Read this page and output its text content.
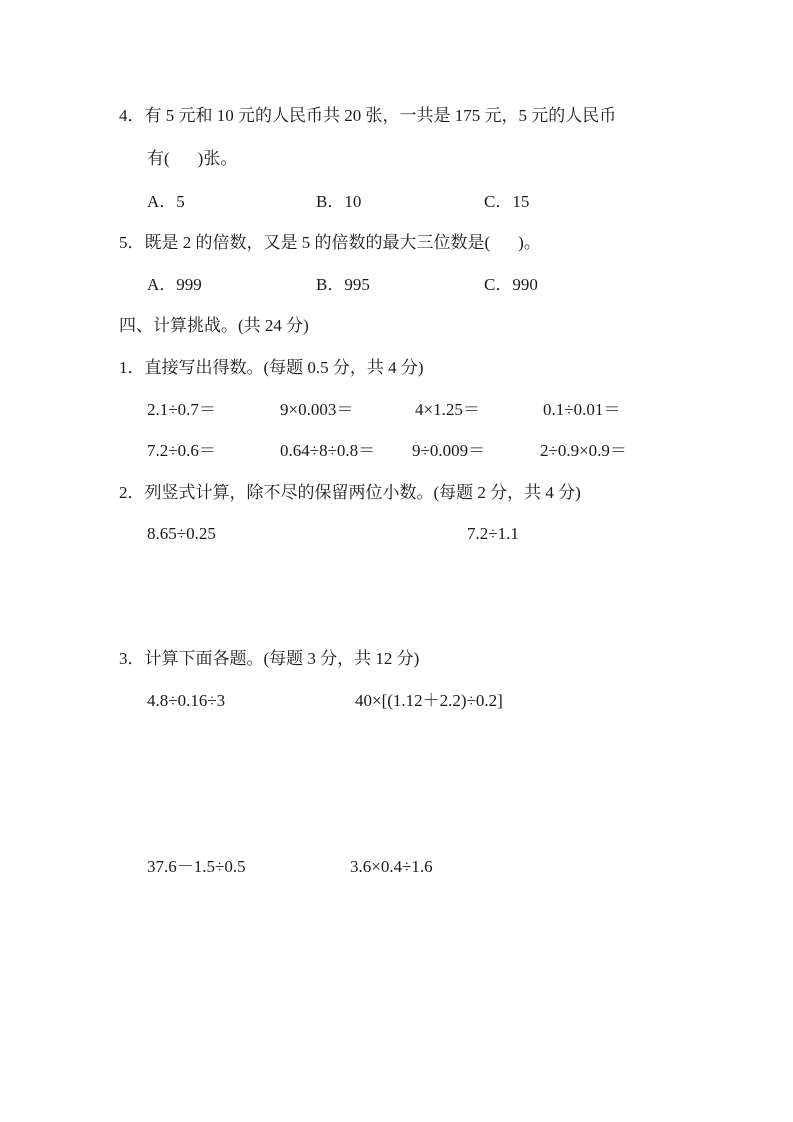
4．有 5 元和 10 元的人民币共 20 张，一共是 175 元，5 元的人民币
有( )张。
A．5	B．10	C．15
5．既是 2 的倍数，又是 5 的倍数的最大三位数是( )。
A．999	B．995	C．990
四、计算挑战。(共 24 分)
1．直接写出得数。(每题 0.5 分，共 4 分)
2.1÷0.7＝	9×0.003＝	4×1.25＝	0.1÷0.01＝
7.2÷0.6＝	0.64÷8÷0.8＝ 9÷0.009＝	2÷0.9×0.9＝
2．列竖式计算，除不尽的保留两位小数。(每题 2 分，共 4 分)
8.65÷0.25	7.2÷1.1
3．计算下面各题。(每题 3 分，共 12 分)
4.8÷0.16÷3	40×[(1.12＋2.2)÷0.2]
37.6－1.5÷0.5	3.6×0.4÷1.6
